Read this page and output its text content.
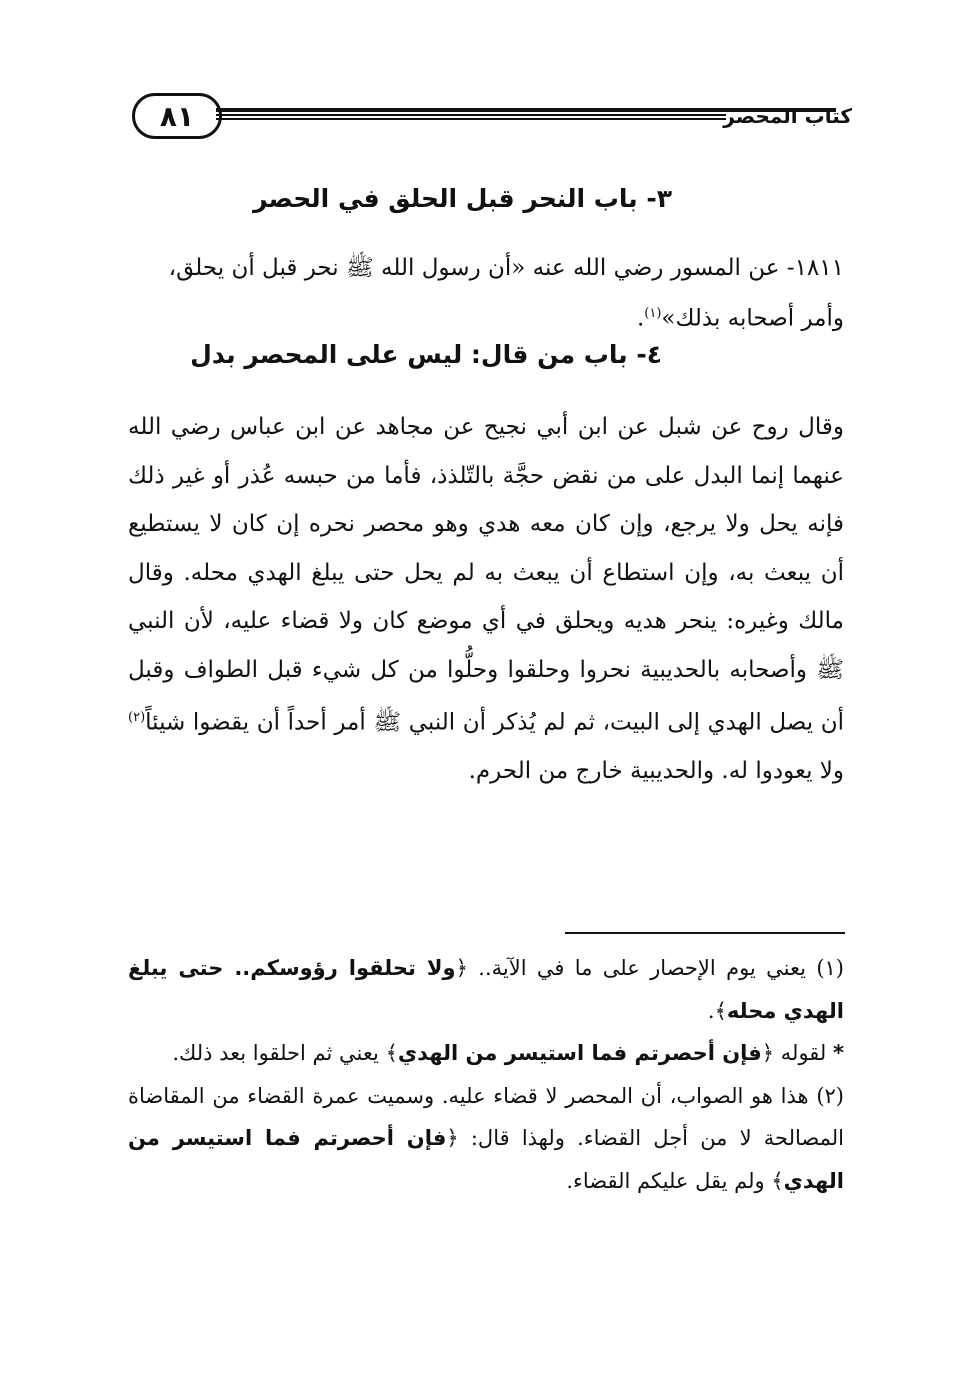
٨١	كتاب المحصر
٣- باب النحر قبل الحلق في الحصر
١٨١١- عن المسور رضي الله عنه «أن رسول الله ﷺ نحر قبل أن يحلق، وأمر أصحابه بذلك»$^{(١)}$.
٤- باب من قال: ليس على المحصر بدل
وقال روح عن شبل عن ابن أبي نجيح عن مجاهد عن ابن عباس رضي الله عنهما إنما البدل على من نقض حجَّة بالتّلذذ، فأما من حبسه عُذر أو غير ذلك فإنه يحل ولا يرجع، وإن كان معه هدي وهو محصر نحره إن كان لا يستطيع أن يبعث به، وإن استطاع أن يبعث به لم يحل حتى يبلغ الهدي محله. وقال مالك وغيره: ينحر هديه ويحلق في أي موضع كان ولا قضاء عليه، لأن النبي ﷺ وأصحابه بالحديبية نحروا وحلقوا وحلُّوا من كل شيء قبل الطواف وقبل أن يصل الهدي إلى البيت، ثم لم يُذكر أن النبي ﷺ أمر أحداً أن يقضوا شيئاً$^{(٢)}$ ولا يعودوا له. والحديبية خارج من الحرم.

(١) يعني يوم الإحصار على ما في الآية.. ﴿ولا تحلقوا رؤوسكم.. حتى يبلغ الهدي محله﴾.

* لقوله ﴿فإن أحصرتم فما استيسر من الهدي﴾ يعني ثم احلقوا بعد ذلك.

(٢) هذا هو الصواب، أن المحصر لا قضاء عليه. وسميت عمرة القضاء من المقاضاة المصالحة لا من أجل القضاء. ولهذا قال: ﴿فإن أحصرتم فما استيسر من الهدي﴾ ولم يقل عليكم القضاء.
